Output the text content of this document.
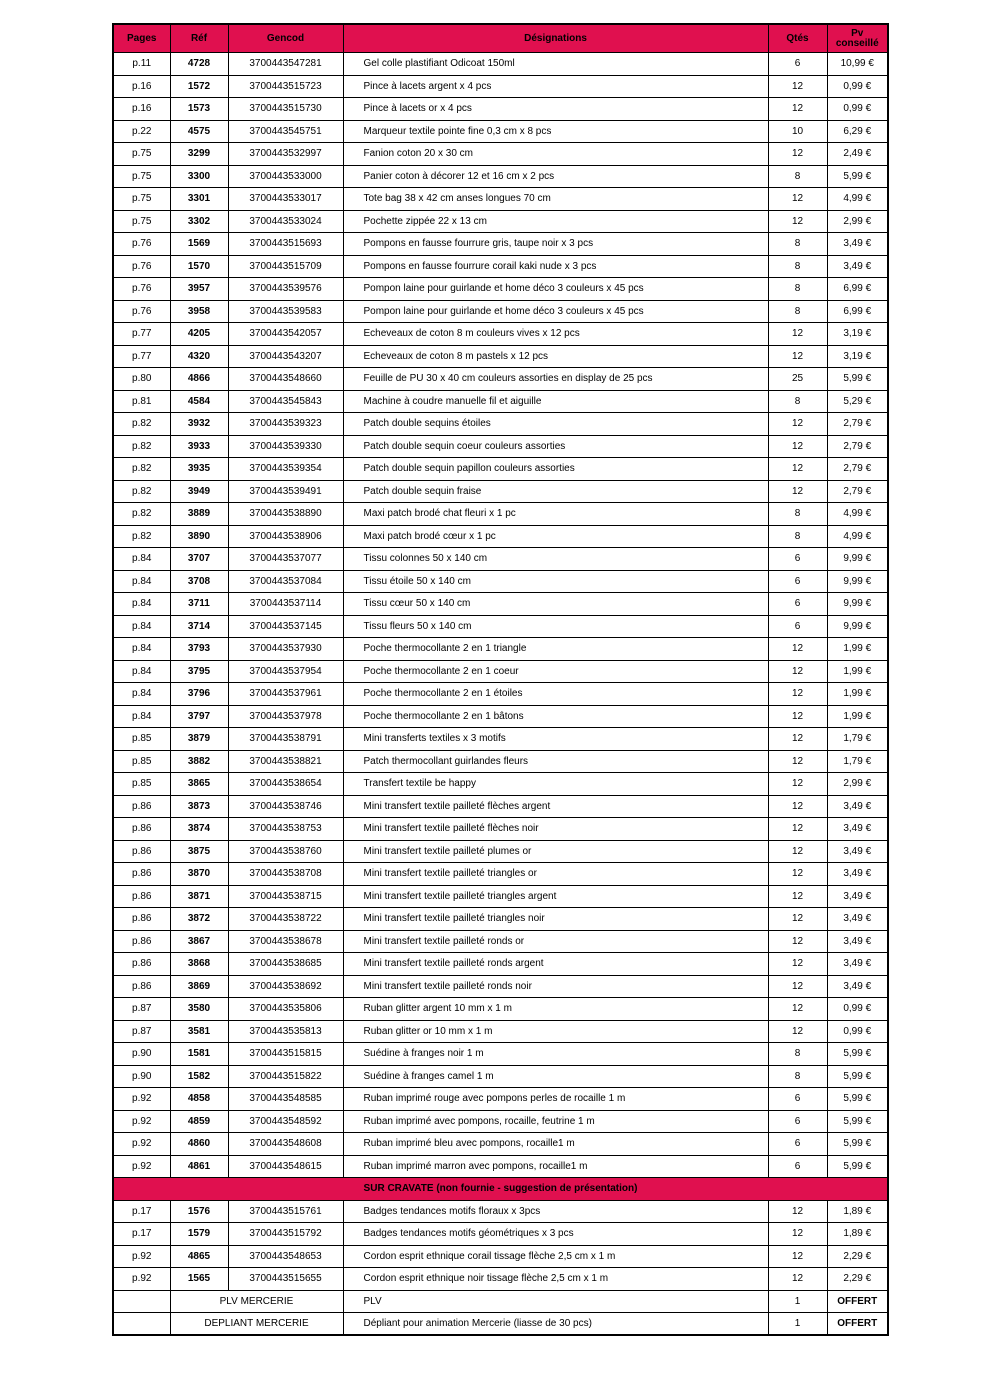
Pages	Réf	Gencod	Désignations	Qtés	Pv
conseillé

p.11	4728	3700443547281	Gel colle plastifiant Odicoat 150ml	6	10,99 €
p.16	1572	3700443515723	Pince à lacets argent x 4 pcs	12	0,99 €
p.16	1573	3700443515730	Pince à lacets or x 4 pcs	12	0,99 €
p.22	4575	3700443545751	Marqueur textile pointe fine 0,3 cm x 8 pcs	10	6,29 €
p.75	3299	3700443532997	Fanion coton 20 x 30 cm	12	2,49 €
p.75	3300	3700443533000	Panier coton à décorer 12 et 16 cm x 2 pcs	8	5,99 €
p.75	3301	3700443533017	Tote bag 38 x 42 cm anses longues 70 cm	12	4,99 €
p.75	3302	3700443533024	Pochette zippée 22 x 13 cm	12	2,99 €
p.76	1569	3700443515693	Pompons en fausse fourrure gris, taupe noir x 3 pcs	8	3,49 €
p.76	1570	3700443515709	Pompons en fausse fourrure corail kaki nude x 3 pcs	8	3,49 €
p.76	3957	3700443539576	Pompon laine pour guirlande et home déco 3 couleurs x 45 pcs	8	6,99 €
p.76	3958	3700443539583	Pompon laine pour guirlande et home déco 3 couleurs x 45 pcs	8	6,99 €
p.77	4205	3700443542057	Echeveaux de coton 8 m couleurs vives x 12 pcs	12	3,19 €
p.77	4320	3700443543207	Echeveaux de coton 8 m pastels x 12 pcs	12	3,19 €
p.80	4866	3700443548660	Feuille de PU 30 x 40 cm couleurs assorties en display de 25 pcs	25	5,99 €
p.81	4584	3700443545843	Machine à coudre manuelle fil et aiguille	8	5,29 €
p.82	3932	3700443539323	Patch double sequins étoiles	12	2,79 €
p.82	3933	3700443539330	Patch double sequin coeur couleurs assorties	12	2,79 €
p.82	3935	3700443539354	Patch double sequin papillon couleurs assorties	12	2,79 €
p.82	3949	3700443539491	Patch double sequin fraise	12	2,79 €
p.82	3889	3700443538890	Maxi patch brodé chat fleuri x 1 pc	8	4,99 €
p.82	3890	3700443538906	Maxi patch brodé cœur x 1 pc	8	4,99 €
p.84	3707	3700443537077	Tissu colonnes 50 x 140 cm	6	9,99 €
p.84	3708	3700443537084	Tissu étoile 50 x 140 cm	6	9,99 €
p.84	3711	3700443537114	Tissu cœur 50 x 140 cm	6	9,99 €
p.84	3714	3700443537145	Tissu fleurs 50 x 140 cm	6	9,99 €
p.84	3793	3700443537930	Poche thermocollante 2 en 1 triangle	12	1,99 €
p.84	3795	3700443537954	Poche thermocollante 2 en 1 coeur	12	1,99 €
p.84	3796	3700443537961	Poche thermocollante 2 en 1 étoiles	12	1,99 €
p.84	3797	3700443537978	Poche thermocollante 2 en 1 bâtons	12	1,99 €
p.85	3879	3700443538791	Mini transferts textiles x 3 motifs	12	1,79 €
p.85	3882	3700443538821	Patch thermocollant guirlandes fleurs	12	1,79 €
p.85	3865	3700443538654	Transfert textile be happy	12	2,99 €
p.86	3873	3700443538746	Mini transfert textile pailleté flèches argent	12	3,49 €
p.86	3874	3700443538753	Mini transfert textile pailleté flèches noir	12	3,49 €
p.86	3875	3700443538760	Mini transfert textile pailleté plumes or	12	3,49 €
p.86	3870	3700443538708	Mini transfert textile pailleté triangles or	12	3,49 €
p.86	3871	3700443538715	Mini transfert textile pailleté triangles argent	12	3,49 €
p.86	3872	3700443538722	Mini transfert textile pailleté triangles noir	12	3,49 €
p.86	3867	3700443538678	Mini transfert textile pailleté ronds or	12	3,49 €
p.86	3868	3700443538685	Mini transfert textile pailleté ronds argent	12	3,49 €
p.86	3869	3700443538692	Mini transfert textile pailleté ronds noir	12	3,49 €
p.87	3580	3700443535806	Ruban glitter argent 10 mm x 1 m	12	0,99 €
p.87	3581	3700443535813	Ruban glitter or 10 mm x 1 m	12	0,99 €
p.90	1581	3700443515815	Suédine à franges noir 1 m	8	5,99 €
p.90	1582	3700443515822	Suédine à franges camel 1 m	8	5,99 €
p.92	4858	3700443548585	Ruban imprimé rouge avec pompons perles de rocaille 1 m	6	5,99 €
p.92	4859	3700443548592	Ruban imprimé avec pompons, rocaille, feutrine 1 m	6	5,99 €
p.92	4860	3700443548608	Ruban imprimé bleu avec pompons, rocaille1 m	6	5,99 €
p.92	4861	3700443548615	Ruban imprimé marron avec pompons, rocaille1 m	6	5,99 €
SUR CRAVATE (non fournie - suggestion de présentation)					
p.17	1576	3700443515761	Badges tendances motifs floraux x 3pcs	12	1,89 €
p.17	1579	3700443515792	Badges tendances motifs géométriques x 3 pcs	12	1,89 €
p.92	4865	3700443548653	Cordon esprit ethnique corail tissage flèche 2,5 cm x 1 m	12	2,29 €
p.92	1565	3700443515655	Cordon esprit ethnique noir tissage flèche 2,5 cm x 1 m	12	2,29 €
	PLV MERCERIE		PLV	1	OFFERT
	DEPLIANT MERCERIE		Dépliant pour animation Mercerie (liasse de 30 pcs)	1	OFFERT
